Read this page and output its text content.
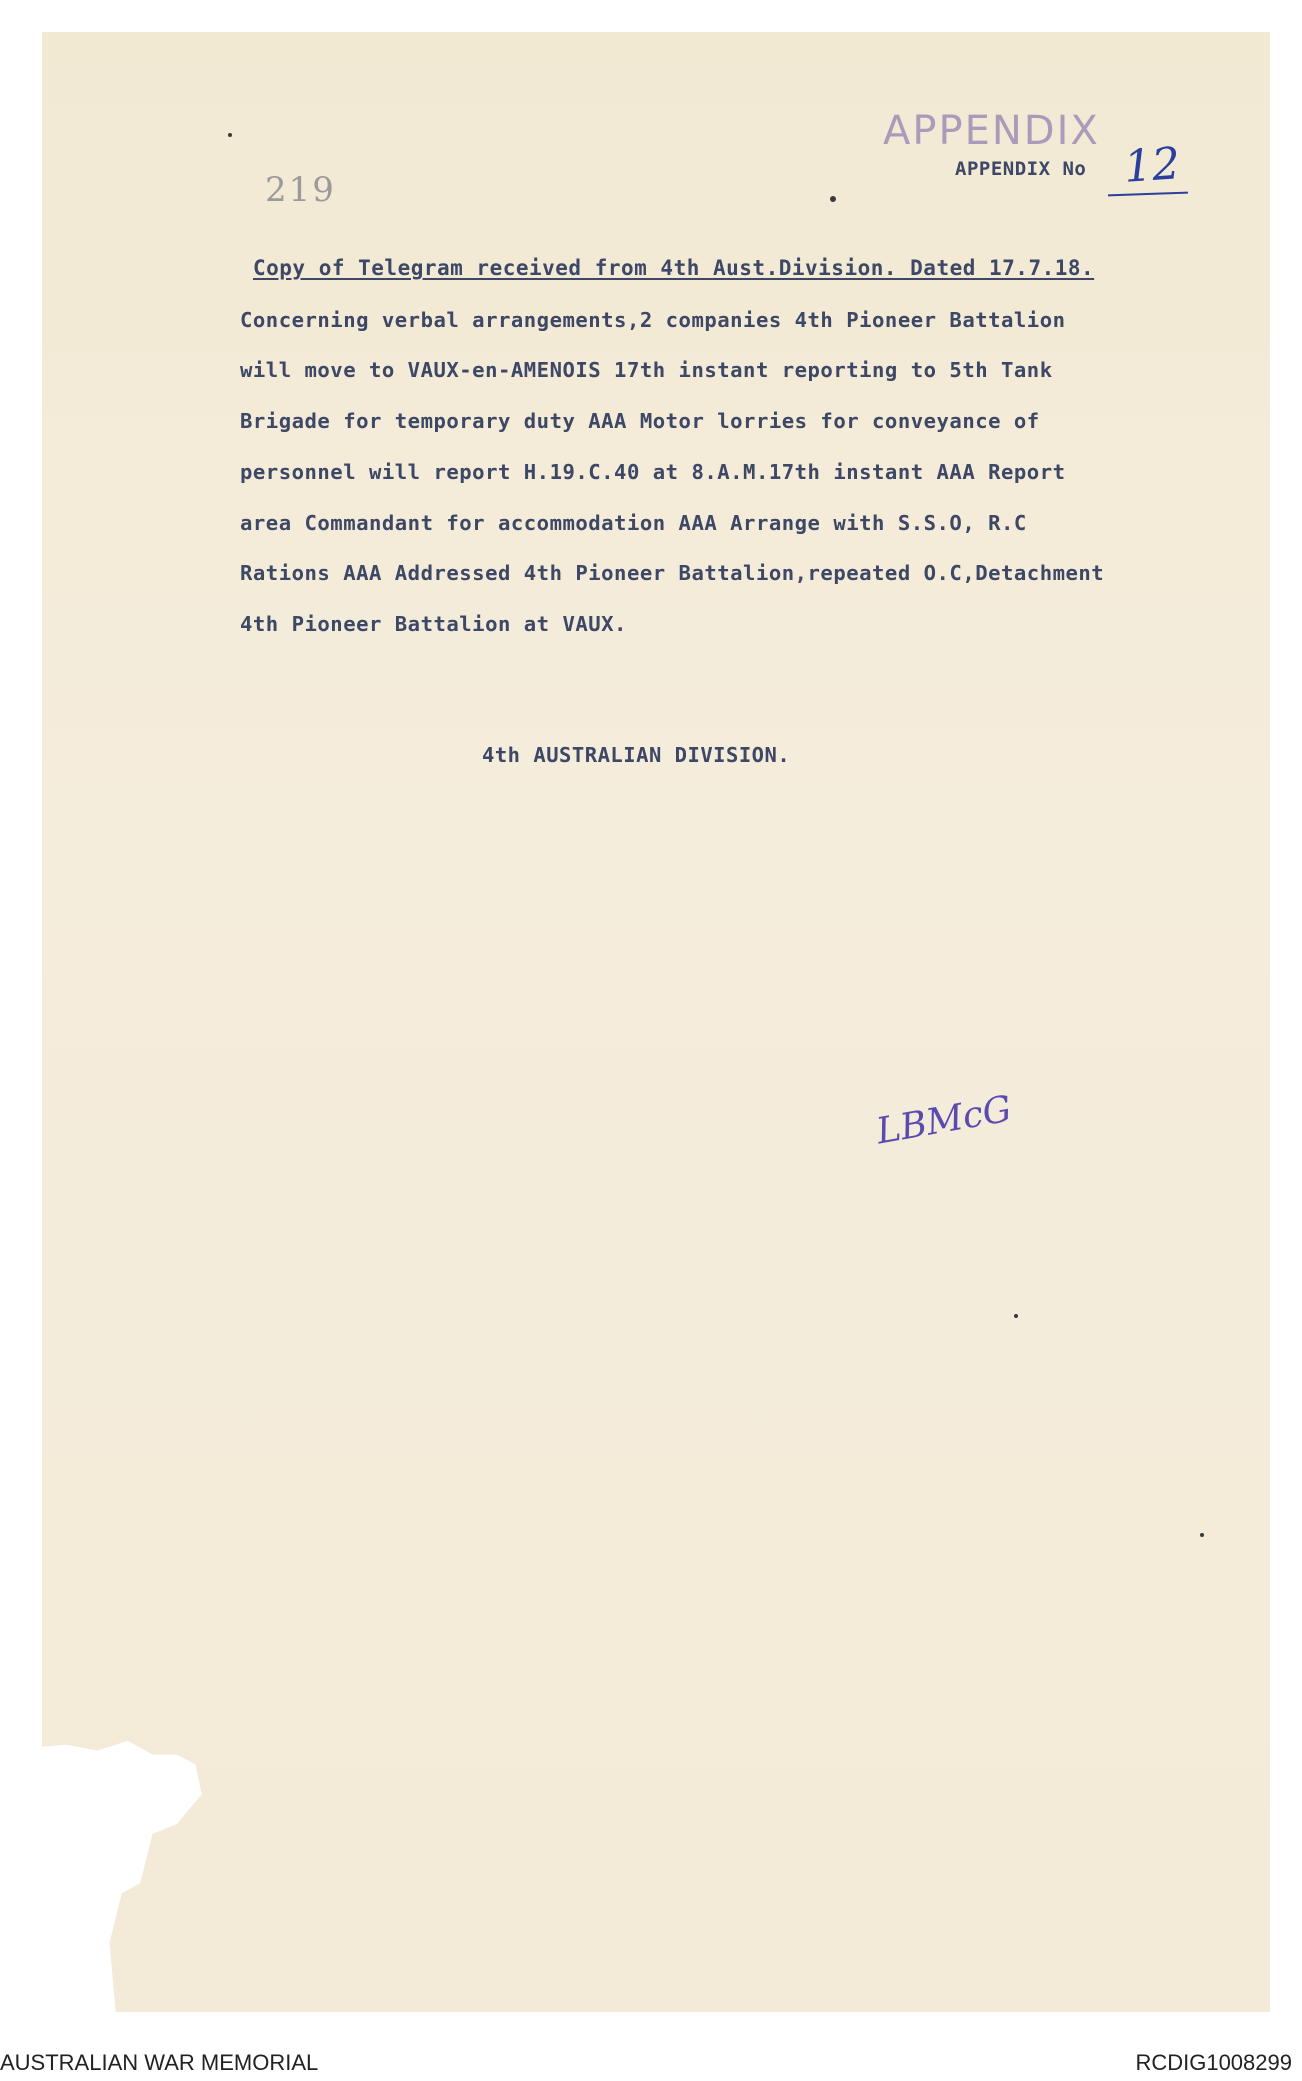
219
APPENDIX
APPENDIX No 12
Copy of Telegram received from 4th Aust.Division. Dated 17.7.18.
Concerning verbal arrangements,2 companies 4th Pioneer Battalion
will move to VAUX-en-AMENOIS 17th instant reporting to 5th Tank
Brigade for temporary duty AAA Motor lorries for conveyance of
personnel will report H.19.C.40 at 8.A.M.17th instant AAA Report
area Commandant for accommodation AAA Arrange with S.S.O, R.C
Rations AAA Addressed 4th Pioneer Battalion,repeated O.C,Detachment
4th Pioneer Battalion at VAUX.
4th AUSTRALIAN DIVISION.
LBMcG
AUSTRALIAN WAR MEMORIAL	RCDIG1008299
